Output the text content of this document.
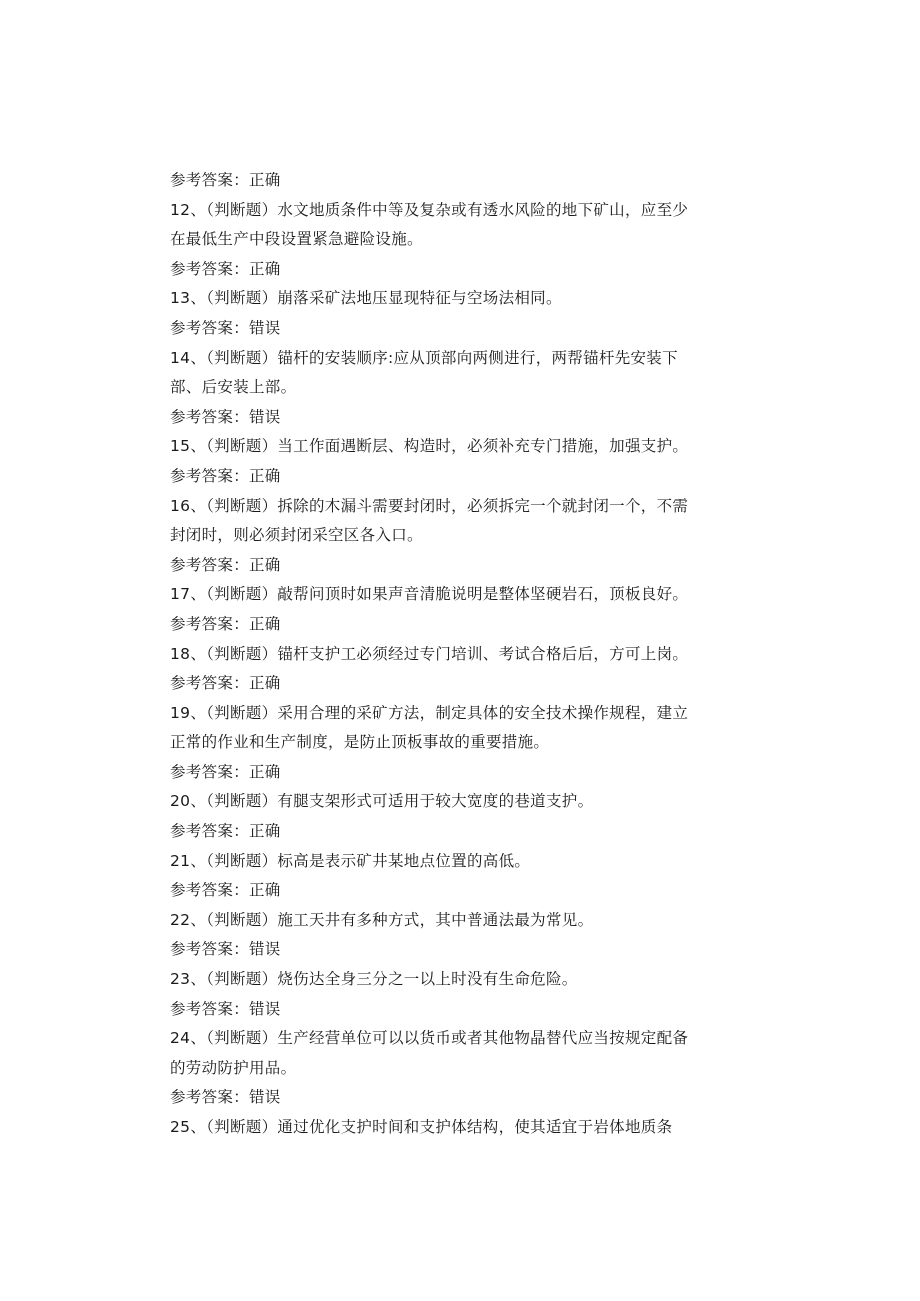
参考答案：正确
12、（判断题）水文地质条件中等及复杂或有透水风险的地下矿山，应至少
在最低生产中段设置紧急避险设施。
参考答案：正确
13、（判断题）崩落采矿法地压显现特征与空场法相同。
参考答案：错误
14、（判断题）锚杆的安装顺序:应从顶部向两侧进行，两帮锚杆先安装下
部、后安装上部。
参考答案：错误
15、（判断题）当工作面遇断层、构造时，必须补充专门措施，加强支护。
参考答案：正确
16、（判断题）拆除的木漏斗需要封闭时，必须拆完一个就封闭一个，不需
封闭时，则必须封闭采空区各入口。
参考答案：正确
17、（判断题）敲帮问顶时如果声音清脆说明是整体坚硬岩石，顶板良好。
参考答案：正确
18、（判断题）锚杆支护工必须经过专门培训、考试合格后后，方可上岗。
参考答案：正确
19、（判断题）采用合理的采矿方法，制定具体的安全技术操作规程，建立
正常的作业和生产制度，是防止顶板事故的重要措施。
参考答案：正确
20、（判断题）有腿支架形式可适用于较大宽度的巷道支护。
参考答案：正确
21、（判断题）标高是表示矿井某地点位置的高低。
参考答案：正确
22、（判断题）施工天井有多种方式，其中普通法最为常见。
参考答案：错误
23、（判断题）烧伤达全身三分之一以上时没有生命危险。
参考答案：错误
24、（判断题）生产经营单位可以以货币或者其他物晶替代应当按规定配备
的劳动防护用品。
参考答案：错误
25、（判断题）通过优化支护时间和支护体结构，使其适宜于岩体地质条
